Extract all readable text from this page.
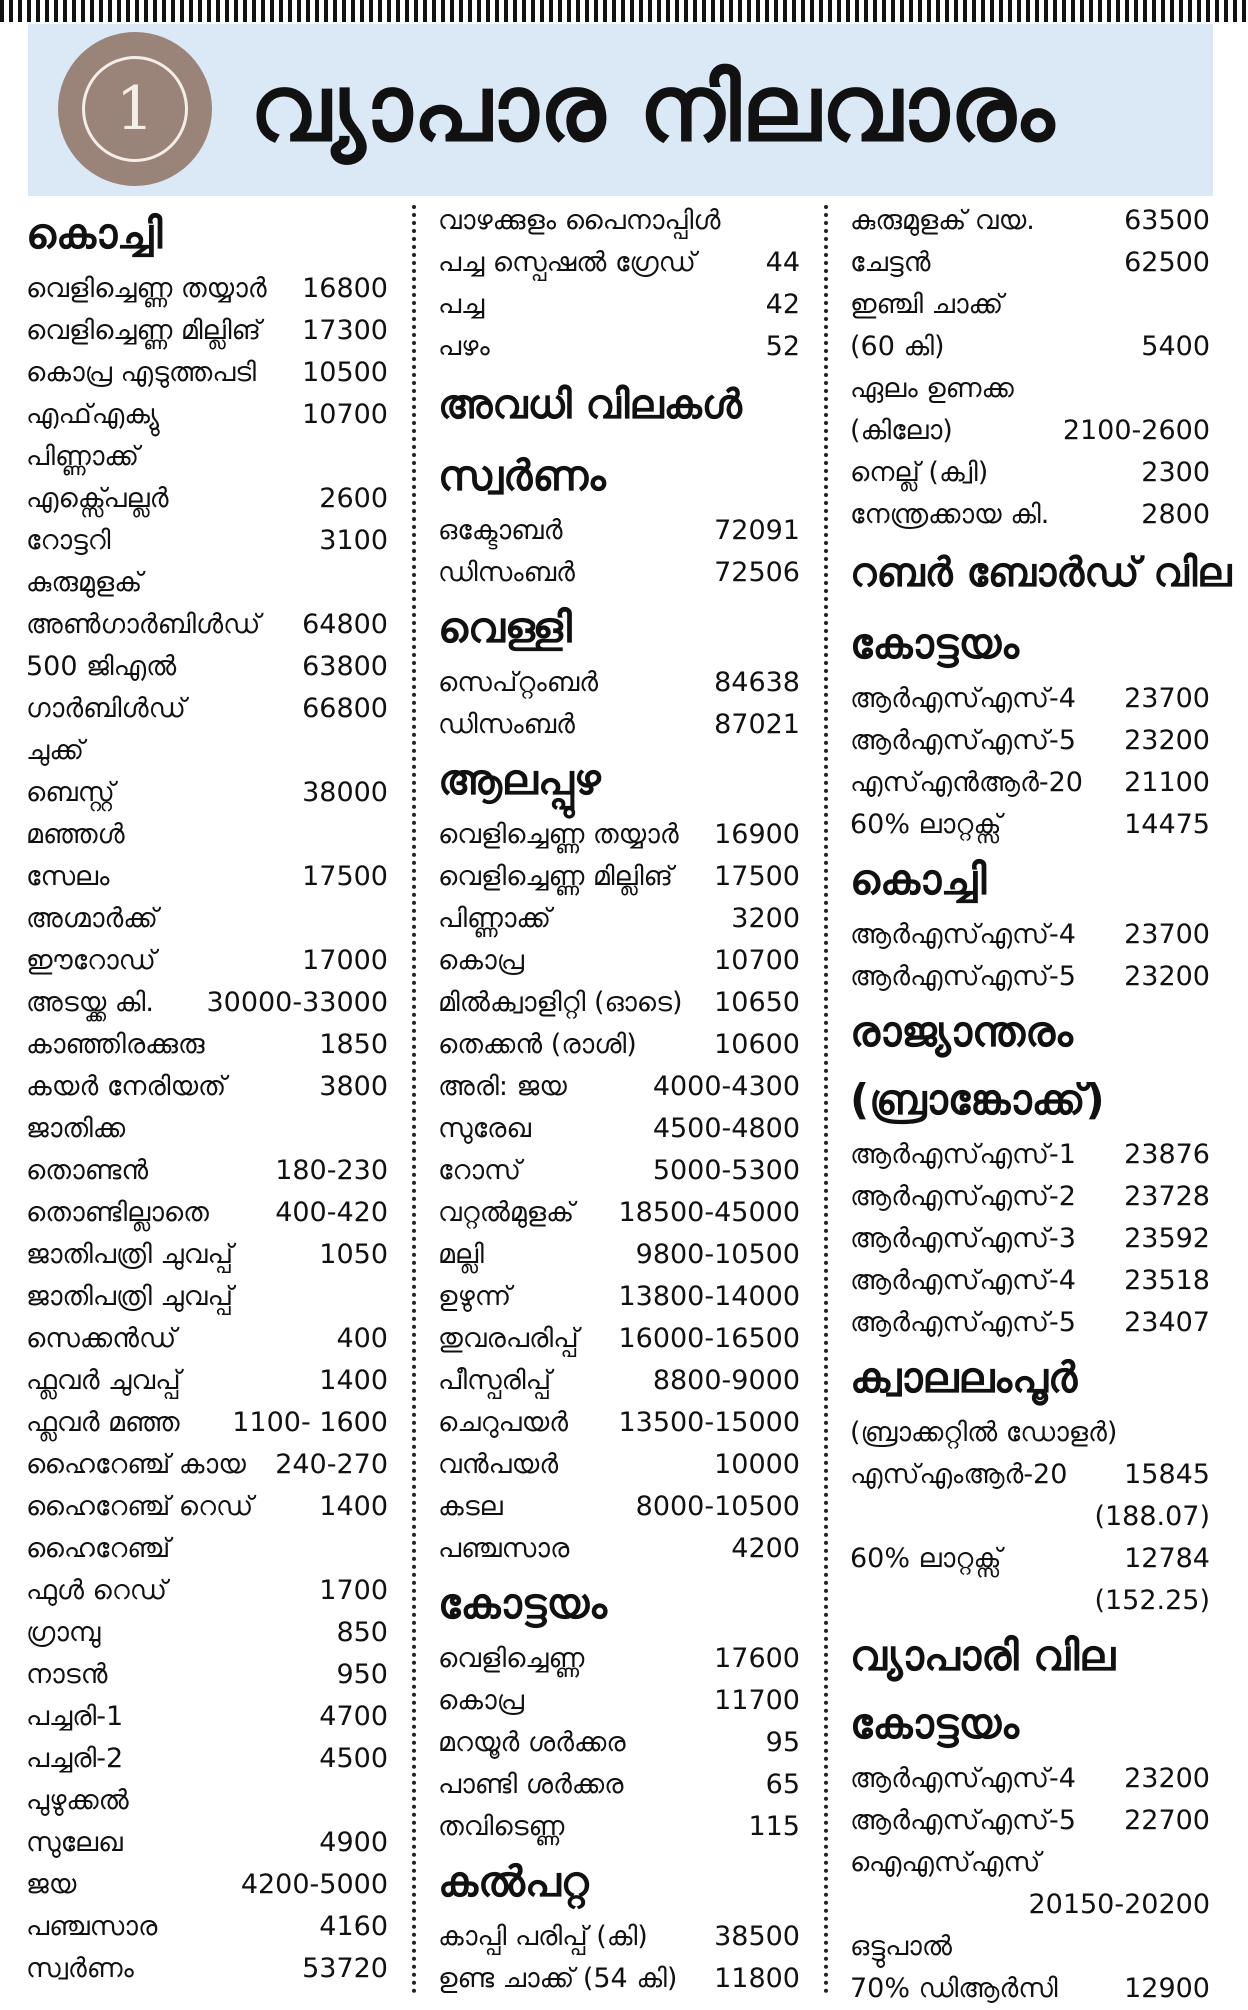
1	വ്യാപാര നിലവാരം
കൊച്ചി
വെളിച്ചെണ്ണ തയ്യാർ 16800
വെളിച്ചെണ്ണ മില്ലിങ് 17300
കൊപ്ര എടുത്തപടി 10500
എഫ്എക്യു	10700
പിണ്ണാക്ക്
എക്സ്പെല്ലർ	2600
റോട്ടറി	3100
കുരുമുളക്
അൺഗാർബിൾഡ് 64800
500 ജിഎൽ	63800
ഗാർബിൾഡ്	66800
ചുക്ക്
ബെസ്റ്റ്	38000
മഞ്ഞൾ
സേലം	17500
അഗ്മാർക്ക്
ഈറോഡ്	17000
അടയ്ക്ക കി. 30000-33000
കാഞ്ഞിരക്കുരു	1850
കയർ നേരിയത്	3800
ജാതിക്ക
തൊണ്ടൻ	180-230
തൊണ്ടില്ലാതെ 400-420
ജാതിപത്രി ചുവപ്പ്	1050
ജാതിപത്രി ചുവപ്പ്
സെക്കൻഡ്	400
ഫ്ലവർ ചുവപ്പ്	1400
ഫ്ലവർ മഞ്ഞ 1100- 1600
ഹൈറേഞ്ച് കായ 240-270
ഹൈറേഞ്ച് റെഡ് 1400
ഹൈറേഞ്ച്
ഫുൾ റെഡ്	1700
ഗ്രാമ്പു	850
നാടൻ	950
പച്ചരി-1	4700
പച്ചരി-2	4500
പുഴുക്കൽ
സുലേഖ	4900
ജയ	4200-5000
പഞ്ചസാര	4160
സ്വർണം	53720
വാഴക്കുളം പൈനാപ്പിൾ
പച്ച സ്പെഷൽ ഗ്രേഡ്	44
പച്ച	42
പഴം	52
അവധി വിലകൾ
സ്വർണം
ഒക്ടോബർ	72091
ഡിസംബർ	72506
വെള്ളി
സെപ്റ്റംബർ	84638
ഡിസംബർ	87021
ആലപ്പുഴ
വെളിച്ചെണ്ണ തയ്യാർ 16900
വെളിച്ചെണ്ണ മില്ലിങ് 17500
പിണ്ണാക്ക്	3200
കൊപ്ര	10700
മിൽക്വാളിറ്റി (ഓടെ) 10650
തെക്കൻ (രാശി)	10600
അരി: ജയ	4000-4300
സുരേഖ	4500-4800
റോസ്	5000-5300
വറ്റൽമുളക് 18500-45000
മല്ലി	9800-10500
ഉഴുന്ന്	13800-14000
തുവരപരിപ്പ് 16000-16500
പീസ്പരിപ്പ്	8800-9000
ചെറുപയർ 13500-15000
വൻപയർ	10000
കടല	8000-10500
പഞ്ചസാര	4200
കോട്ടയം
വെളിച്ചെണ്ണ	17600
കൊപ്ര	11700
മറയൂർ ശർക്കര	95
പാണ്ടി ശർക്കര	65
തവിടെണ്ണ	115
കൽപറ്റ
കാപ്പി പരിപ്പ് (കി) 38500
ഉണ്ട ചാക്ക് (54 കി) 11800
കുരുമുളക് വയ.	63500
ചേട്ടൻ	62500
ഇഞ്ചി ചാക്ക്
(60 കി)	5400
ഏലം ഉണക്ക
(കിലോ)	2100-2600
നെല്ല് (ക്വി)	2300
നേന്ത്രക്കായ കി.	2800
റബർ ബോർഡ് വില
കോട്ടയം
ആർഎസ്എസ്-4 23700
ആർഎസ്എസ്-5 23200
എസ്എൻആർ-20 21100
60% ലാറ്റക്സ്	14475
കൊച്ചി
ആർഎസ്എസ്-4 23700
ആർഎസ്എസ്-5 23200
രാജ്യാന്തരം
(ബ്രാങ്കോക്ക്)
ആർഎസ്എസ്-1 23876
ആർഎസ്എസ്-2 23728
ആർഎസ്എസ്-3 23592
ആർഎസ്എസ്-4 23518
ആർഎസ്എസ്-5 23407
ക്വാലലംപൂർ
(ബ്രാക്കറ്റിൽ ഡോളർ)
എസ്എംആർ-20 15845
(188.07)
60% ലാറ്റക്സ്	12784
(152.25)
വ്യാപാരി വില
കോട്ടയം
ആർഎസ്എസ്-4 23200
ആർഎസ്എസ്-5 22700
ഐഎസ്എസ്
20150-20200
ഒട്ടുപാൽ
70% ഡിആർസി 12900
